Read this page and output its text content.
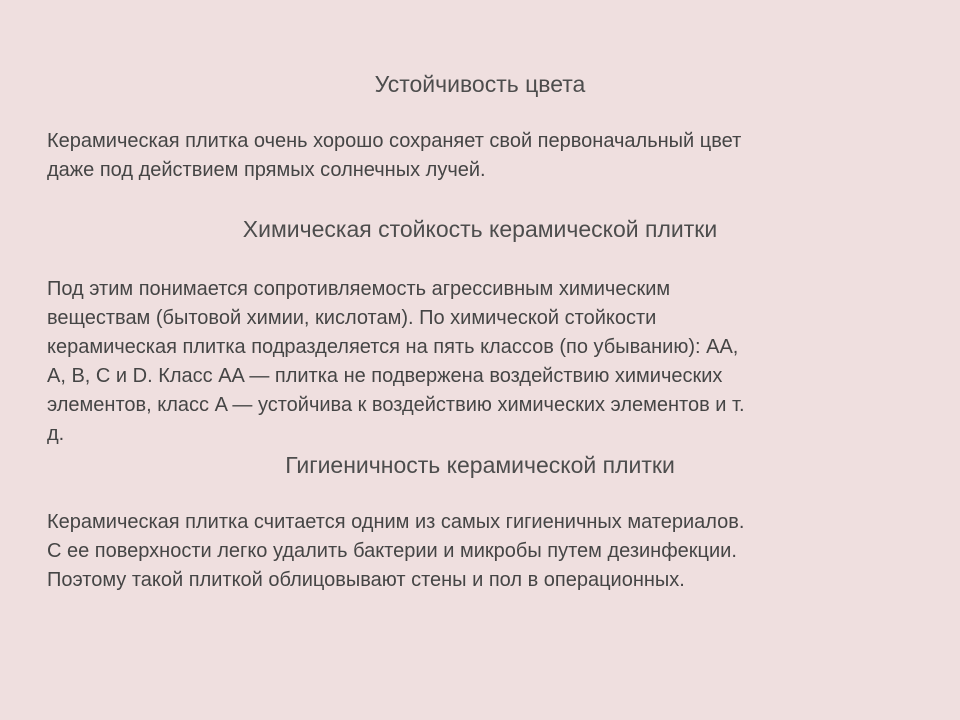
Устойчивость цвета
Керамическая плитка очень хорошо сохраняет свой первоначальный цвет
даже под действием прямых солнечных лучей.
Химическая стойкость керамической плитки
Под этим понимается сопротивляемость агрессивным химическим
веществам (бытовой химии, кислотам). По химической стойкости
керамическая плитка подразделяется на пять классов (по убыванию): AA,
A, B, C и D. Класс AA — плитка не подвержена воздействию химических
элементов, класс A — устойчива к воздействию химических элементов и т.
д.
Гигиеничность керамической плитки
Керамическая плитка считается одним из самых гигиеничных материалов.
С ее поверхности легко удалить бактерии и микробы путем дезинфекции.
Поэтому такой плиткой облицовывают стены и пол в операционных.
